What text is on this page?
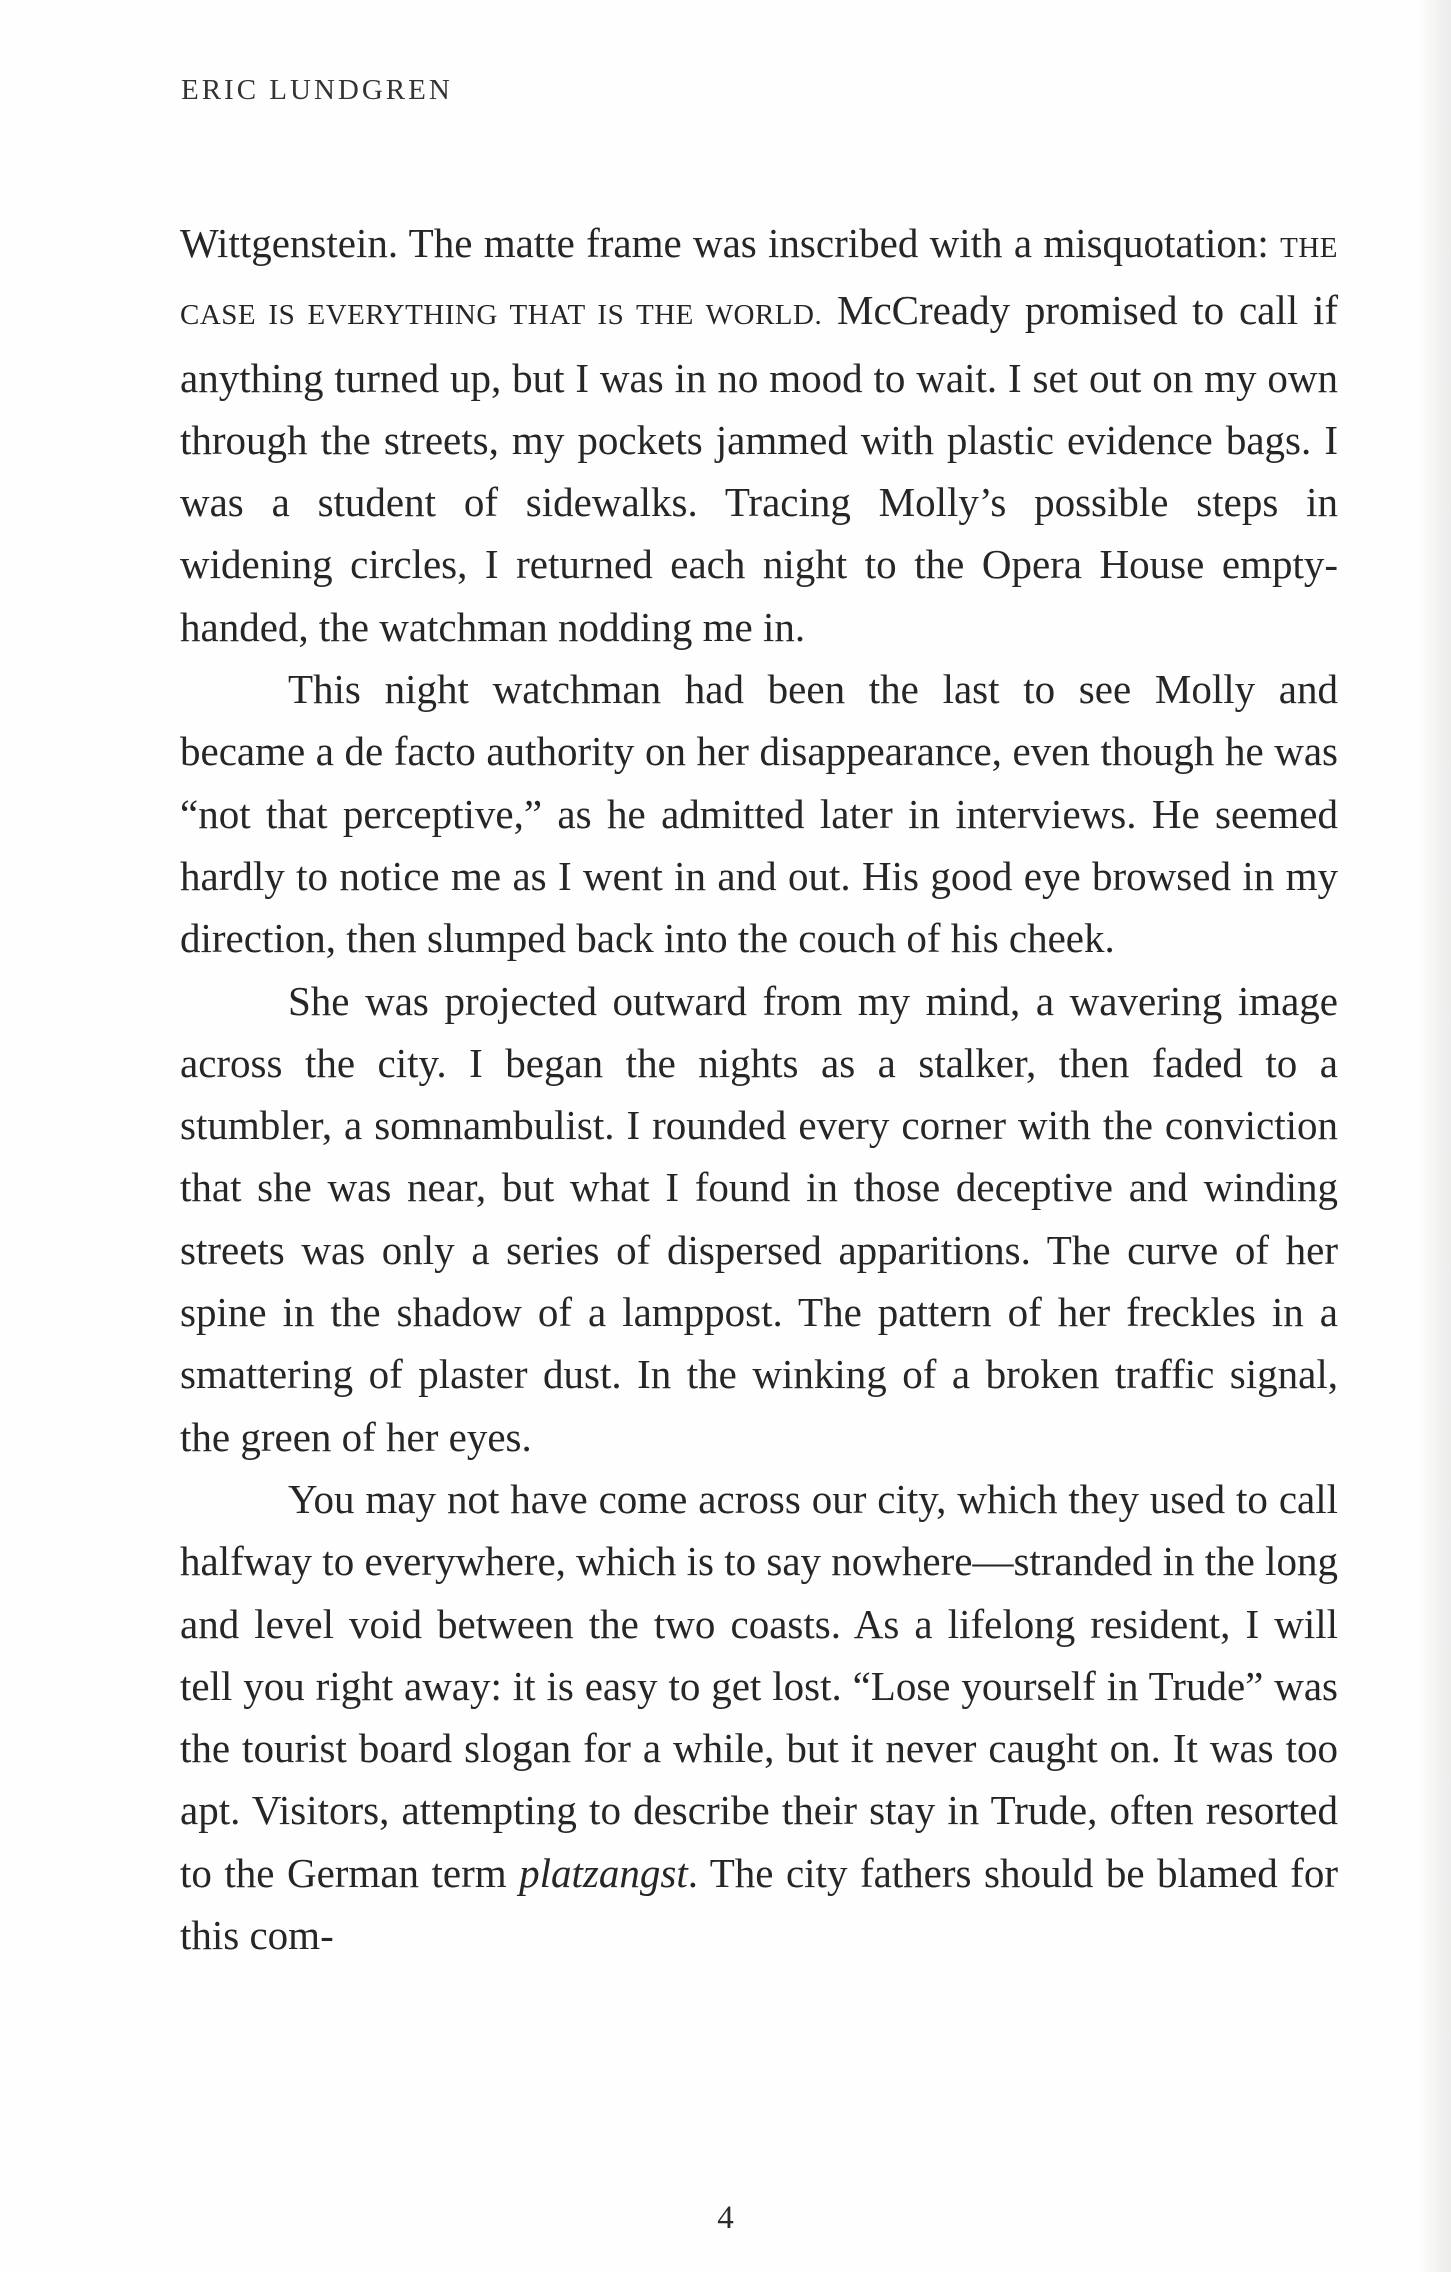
ERIC LUNDGREN

Wittgenstein. The matte frame was inscribed with a misquotation: THE CASE IS EVERYTHING THAT IS THE WORLD. McCready promised to call if anything turned up, but I was in no mood to wait. I set out on my own through the streets, my pockets jammed with plastic evidence bags. I was a student of sidewalks. Tracing Molly’s possible steps in widening circles, I returned each night to the Opera House empty-handed, the watchman nodding me in.

This night watchman had been the last to see Molly and became a de facto authority on her disappearance, even though he was “not that perceptive,” as he admitted later in interviews. He seemed hardly to notice me as I went in and out. His good eye browsed in my direction, then slumped back into the couch of his cheek.

She was projected outward from my mind, a wavering image across the city. I began the nights as a stalker, then faded to a stumbler, a somnambulist. I rounded every corner with the conviction that she was near, but what I found in those deceptive and winding streets was only a series of dispersed apparitions. The curve of her spine in the shadow of a lamppost. The pattern of her freckles in a smattering of plaster dust. In the winking of a broken traffic signal, the green of her eyes.

You may not have come across our city, which they used to call halfway to everywhere, which is to say nowhere—stranded in the long and level void between the two coasts. As a lifelong resident, I will tell you right away: it is easy to get lost. “Lose yourself in Trude” was the tourist board slogan for a while, but it never caught on. It was too apt. Visitors, attempting to describe their stay in Trude, often resorted to the German term platzangst. The city fathers should be blamed for this com-

4
